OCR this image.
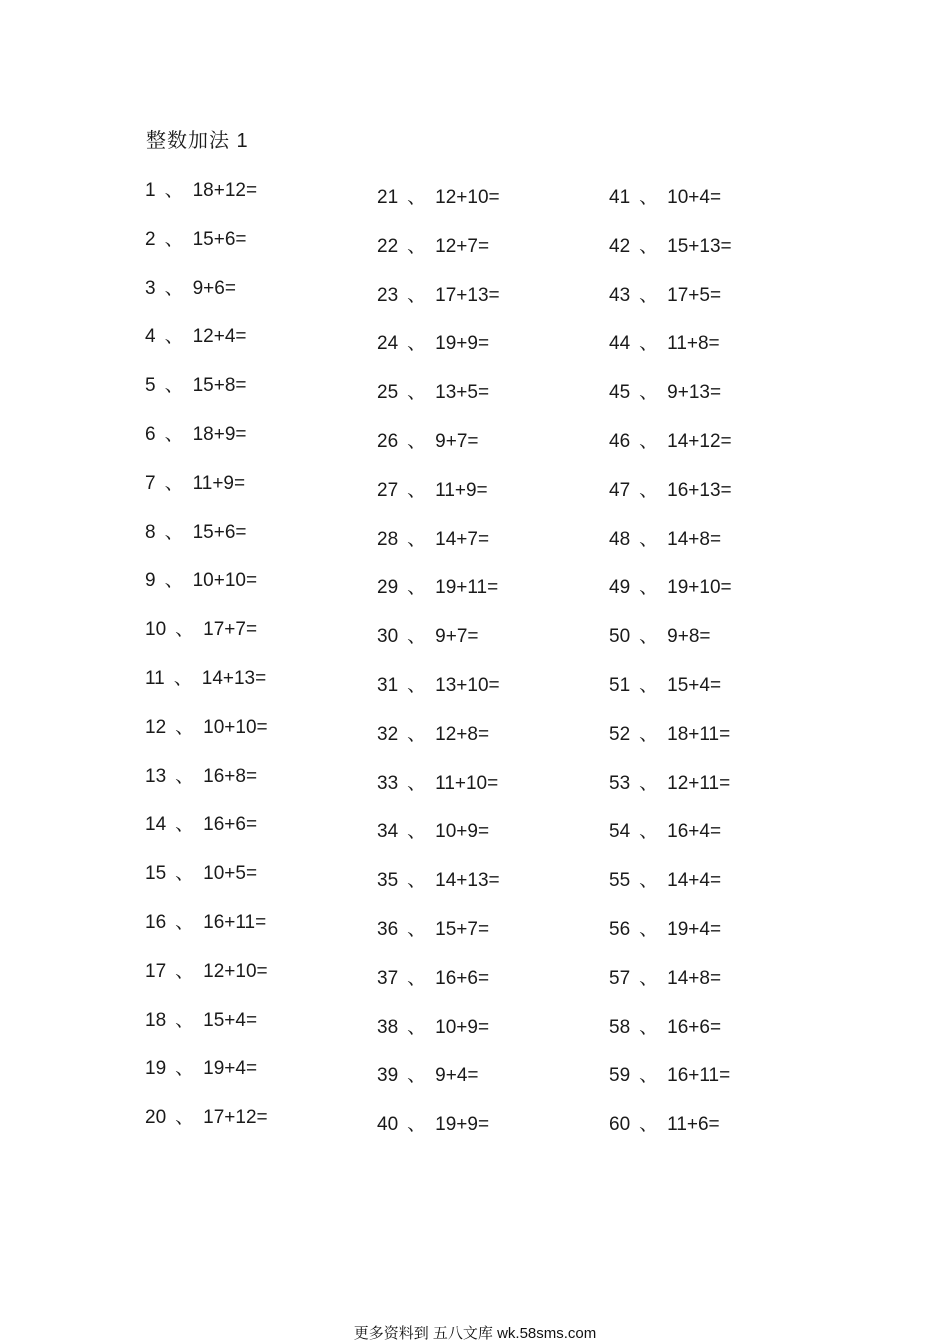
整数加法 1
1 、 18+12=
2 、 15+6=
3 、 9+6=
4 、 12+4=
5 、 15+8=
6 、 18+9=
7 、 11+9=
8 、 15+6=
9 、 10+10=
10 、 17+7=
11 、 14+13=
12 、 10+10=
13 、 16+8=
14 、 16+6=
15 、 10+5=
16 、 16+11=
17 、 12+10=
18 、 15+4=
19 、 19+4=
20 、 17+12=
21 、 12+10=
22 、 12+7=
23 、 17+13=
24 、 19+9=
25 、 13+5=
26 、 9+7=
27 、 11+9=
28 、 14+7=
29 、 19+11=
30 、 9+7=
31 、 13+10=
32 、 12+8=
33 、 11+10=
34 、 10+9=
35 、 14+13=
36 、 15+7=
37 、 16+6=
38 、 10+9=
39 、 9+4=
40 、 19+9=
41 、 10+4=
42 、 15+13=
43 、 17+5=
44 、 11+8=
45 、 9+13=
46 、 14+12=
47 、 16+13=
48 、 14+8=
49 、 19+10=
50 、 9+8=
51 、 15+4=
52 、 18+11=
53 、 12+11=
54 、 16+4=
55 、 14+4=
56 、 19+4=
57 、 14+8=
58 、 16+6=
59 、 16+11=
60 、 11+6=
更多资料到 五八文库 wk.58sms.com
